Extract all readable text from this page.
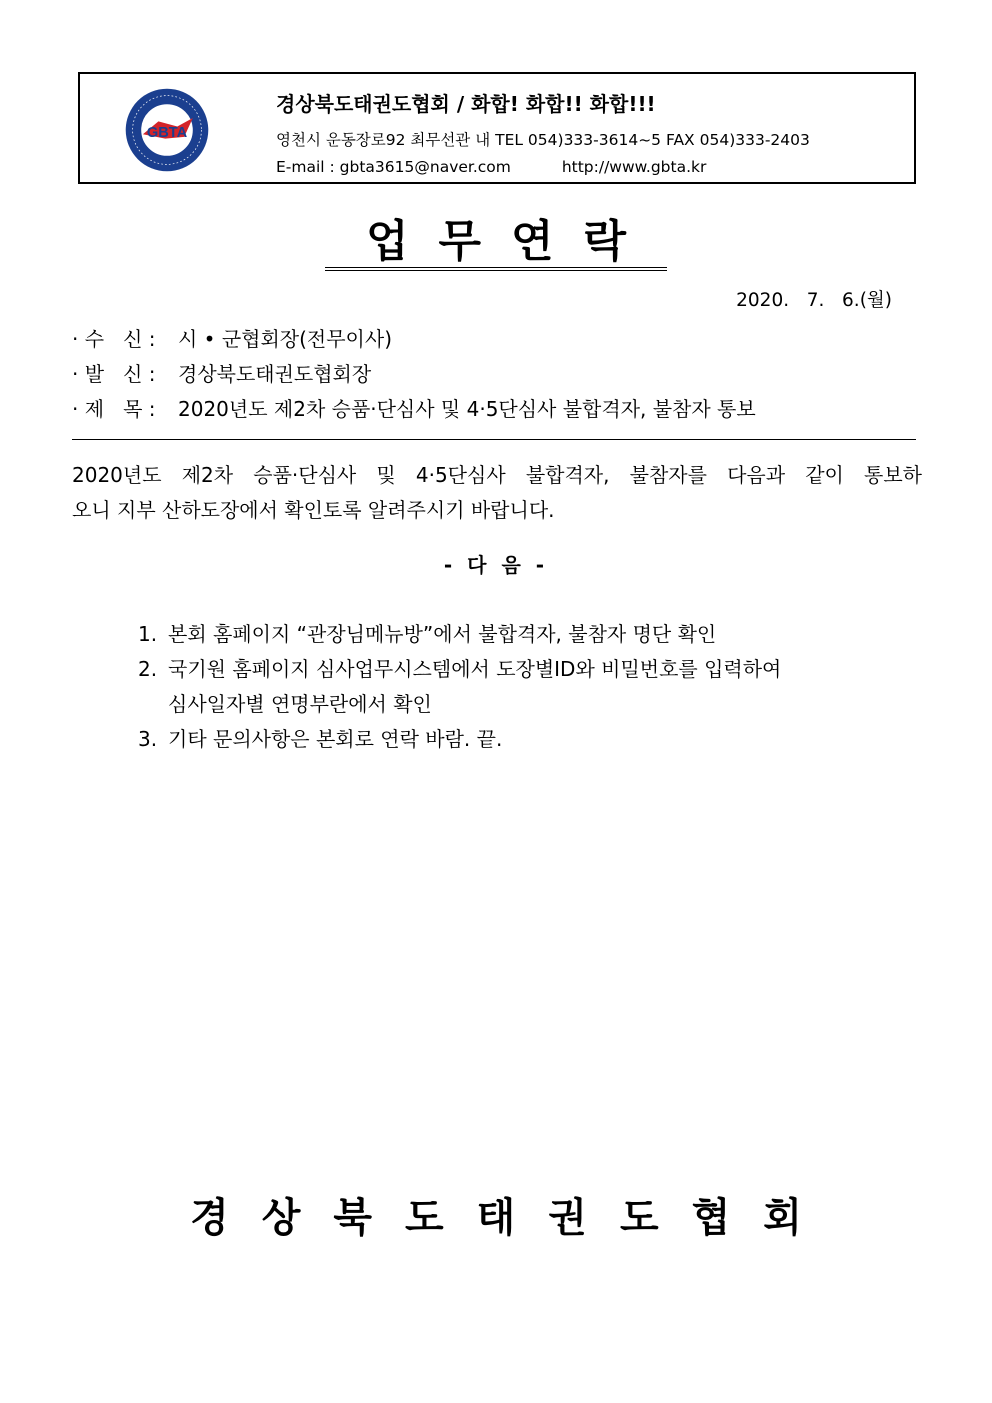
GBTA
경상북도태권도협회 / 화합! 화합!! 화합!!!
영천시 운동장로92 최무선관 내 TEL 054)333-3614~5 FAX 054)333-2403
E-mail : gbta3615@naver.com	http://www.gbta.kr
업무연락
2020.   7.   6.(월)
· 수   신 : 시 • 군협회장(전무이사)
· 발   신 : 경상북도태권도협회장
· 제   목 : 2020년도 제2차 승품·단심사 및 4·5단심사 불합격자, 불참자 통보
2020년도 제2차 승품·단심사 및 4·5단심사 불합격자, 불참자를 다음과 같이 통보하
오니 지부 산하도장에서 확인토록 알려주시기 바랍니다.
- 다 음 -
1. 본회 홈페이지 “관장님메뉴방”에서 불합격자, 불참자 명단 확인
2. 국기원 홈페이지 심사업무시스템에서 도장별ID와 비밀번호를 입력하여
심사일자별 연명부란에서 확인
3. 기타 문의사항은 본회로 연락 바람. 끝.
경상북도태권도협회
